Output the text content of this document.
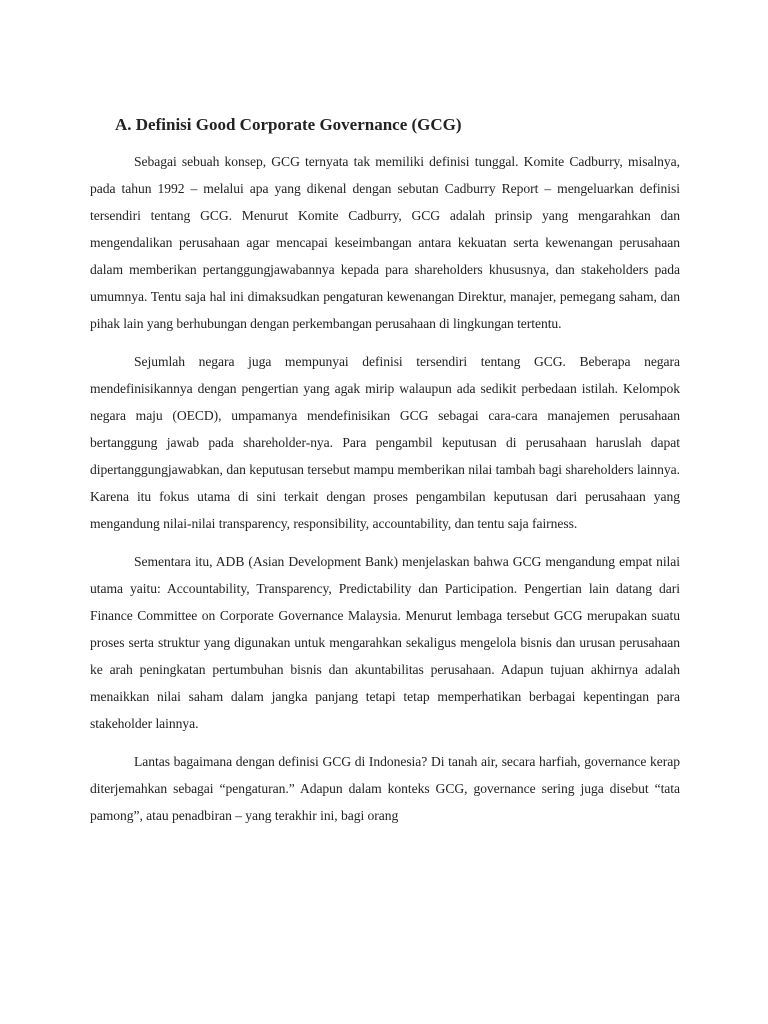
A. Definisi Good Corporate Governance (GCG)

Sebagai sebuah konsep, GCG ternyata tak memiliki definisi tunggal. Komite Cadburry, misalnya, pada tahun 1992 – melalui apa yang dikenal dengan sebutan Cadburry Report – mengeluarkan definisi tersendiri tentang GCG. Menurut Komite Cadburry, GCG adalah prinsip yang mengarahkan dan mengendalikan perusahaan agar mencapai keseimbangan antara kekuatan serta kewenangan perusahaan dalam memberikan pertanggungjawabannya kepada para shareholders khususnya, dan stakeholders pada umumnya. Tentu saja hal ini dimaksudkan pengaturan kewenangan Direktur, manajer, pemegang saham, dan pihak lain yang berhubungan dengan perkembangan perusahaan di lingkungan tertentu.

Sejumlah negara juga mempunyai definisi tersendiri tentang GCG. Beberapa negara mendefinisikannya dengan pengertian yang agak mirip walaupun ada sedikit perbedaan istilah. Kelompok negara maju (OECD), umpamanya mendefinisikan GCG sebagai cara-cara manajemen perusahaan bertanggung jawab pada shareholder-nya. Para pengambil keputusan di perusahaan haruslah dapat dipertanggungjawabkan, dan keputusan tersebut mampu memberikan nilai tambah bagi shareholders lainnya. Karena itu fokus utama di sini terkait dengan proses pengambilan keputusan dari perusahaan yang mengandung nilai-nilai transparency, responsibility, accountability, dan tentu saja fairness.

Sementara itu, ADB (Asian Development Bank) menjelaskan bahwa GCG mengandung empat nilai utama yaitu: Accountability, Transparency, Predictability dan Participation. Pengertian lain datang dari Finance Committee on Corporate Governance Malaysia. Menurut lembaga tersebut GCG merupakan suatu proses serta struktur yang digunakan untuk mengarahkan sekaligus mengelola bisnis dan urusan perusahaan ke arah peningkatan pertumbuhan bisnis dan akuntabilitas perusahaan. Adapun tujuan akhirnya adalah menaikkan nilai saham dalam jangka panjang tetapi tetap memperhatikan berbagai kepentingan para stakeholder lainnya.

Lantas bagaimana dengan definisi GCG di Indonesia? Di tanah air, secara harfiah, governance kerap diterjemahkan sebagai “pengaturan.” Adapun dalam konteks GCG, governance sering juga disebut “tata pamong”, atau penadbiran – yang terakhir ini, bagi orang
